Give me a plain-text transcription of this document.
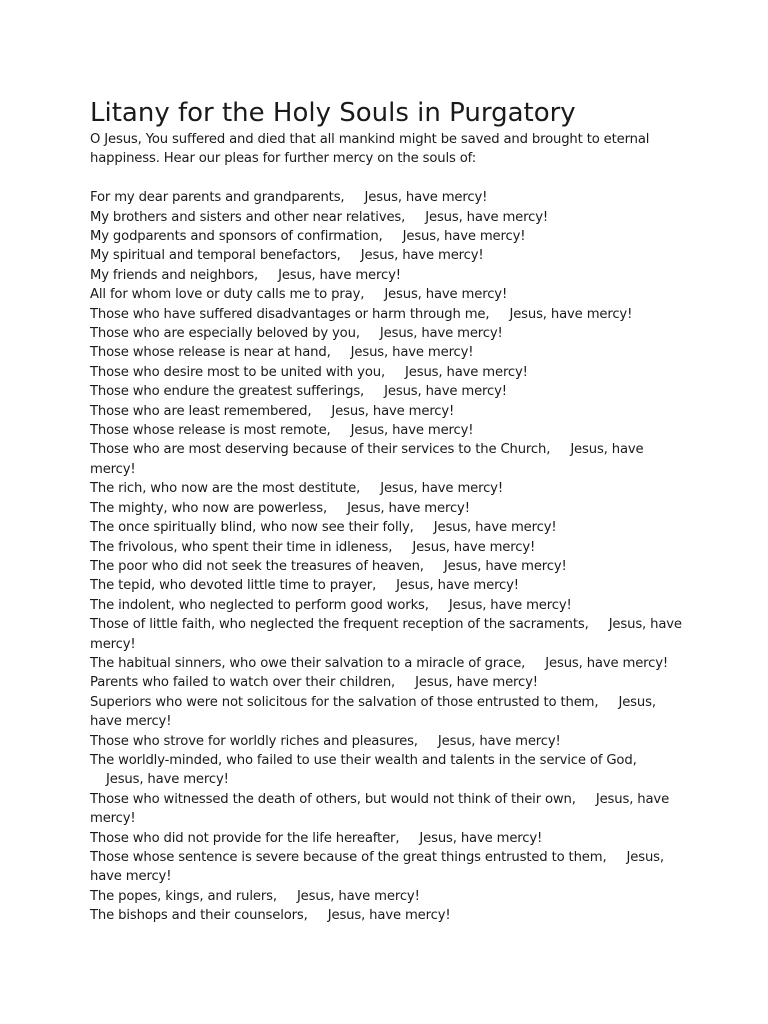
Litany for the Holy Souls in Purgatory

O Jesus, You suffered and died that all mankind might be saved and brought to eternal happiness. Hear our pleas for further mercy on the souls of:

For my dear parents and grandparents, Jesus, have mercy!
My brothers and sisters and other near relatives, Jesus, have mercy!
My godparents and sponsors of confirmation, Jesus, have mercy!
My spiritual and temporal benefactors, Jesus, have mercy!
My friends and neighbors, Jesus, have mercy!
All for whom love or duty calls me to pray, Jesus, have mercy!
Those who have suffered disadvantages or harm through me, Jesus, have mercy!
Those who are especially beloved by you, Jesus, have mercy!
Those whose release is near at hand, Jesus, have mercy!
Those who desire most to be united with you, Jesus, have mercy!
Those who endure the greatest sufferings, Jesus, have mercy!
Those who are least remembered, Jesus, have mercy!
Those whose release is most remote, Jesus, have mercy!
Those who are most deserving because of their services to the Church, Jesus, have mercy!
The rich, who now are the most destitute, Jesus, have mercy!
The mighty, who now are powerless, Jesus, have mercy!
The once spiritually blind, who now see their folly, Jesus, have mercy!
The frivolous, who spent their time in idleness, Jesus, have mercy!
The poor who did not seek the treasures of heaven, Jesus, have mercy!
The tepid, who devoted little time to prayer, Jesus, have mercy!
The indolent, who neglected to perform good works, Jesus, have mercy!
Those of little faith, who neglected the frequent reception of the sacraments, Jesus, have mercy!
The habitual sinners, who owe their salvation to a miracle of grace, Jesus, have mercy!
Parents who failed to watch over their children, Jesus, have mercy!
Superiors who were not solicitous for the salvation of those entrusted to them, Jesus, have mercy!
Those who strove for worldly riches and pleasures, Jesus, have mercy!
The worldly-minded, who failed to use their wealth and talents in the service of God, Jesus, have mercy!
Those who witnessed the death of others, but would not think of their own, Jesus, have mercy!
Those who did not provide for the life hereafter, Jesus, have mercy!
Those whose sentence is severe because of the great things entrusted to them, Jesus, have mercy!
The popes, kings, and rulers, Jesus, have mercy!
The bishops and their counselors, Jesus, have mercy!
